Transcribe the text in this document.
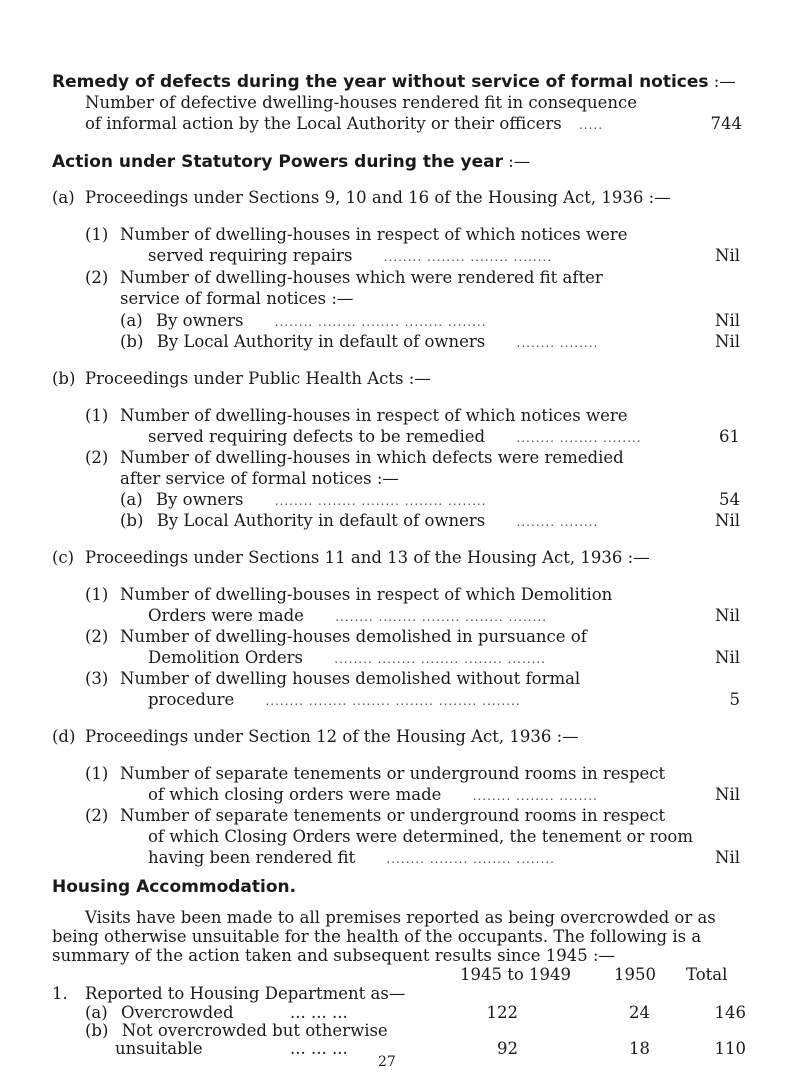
Remedy of defects during the year without service of formal notices :—
Number of defective dwelling-houses rendered fit in consequence
of informal action by the Local Authority or their officers .....	744
Action under Statutory Powers during the year :—
(a) Proceedings under Sections 9, 10 and 16 of the Housing Act, 1936 :—
(1) Number of dwelling-houses in respect of which notices were
served requiring repairs	........ ........ ........ ........	Nil
(2) Number of dwelling-houses which were rendered fit after
service of formal notices :—
(a) By owners	........ ........ ........ ........ ........	Nil
(b) By Local Authority in default of owners	........ ........	Nil
(b) Proceedings under Public Health Acts :—
(1) Number of dwelling-houses in respect of which notices were
served requiring defects to be remedied	........ ........ ........	61
(2) Number of dwelling-houses in which defects were remedied
after service of formal notices :—
(a) By owners	........ ........ ........ ........ ........	54
(b) By Local Authority in default of owners	........ ........	Nil
(c) Proceedings under Sections 11 and 13 of the Housing Act, 1936 :—
(1) Number of dwelling-bouses in respect of which Demolition
Orders were made	........ ........ ........ ........ ........	Nil
(2) Number of dwelling-houses demolished in pursuance of
Demolition Orders	........ ........ ........ ........ ........	Nil
(3) Number of dwelling houses demolished without formal
procedure	........ ........ ........ ........ ........ ........	5
(d) Proceedings under Section 12 of the Housing Act, 1936 :—
(1) Number of separate tenements or underground rooms in respect
of which closing orders were made	........ ........ ........	Nil
(2) Number of separate tenements or underground rooms in respect
of which Closing Orders were determined, the tenement or room
having been rendered fit	........ ........ ........ ........	Nil
Housing Accommodation.
Visits have been made to all premises reported as being overcrowded or as
being otherwise unsuitable for the health of the occupants. The following is a
summary of the action taken and subsequent results since 1945 :—
1945 to 1949	1950 Total
1. Reported to Housing Department as—
(a) Overcrowded	... ... ...	122	24	146
(b) Not overcrowded but otherwise
unsuitable	... ... ...	92	18	110
27
